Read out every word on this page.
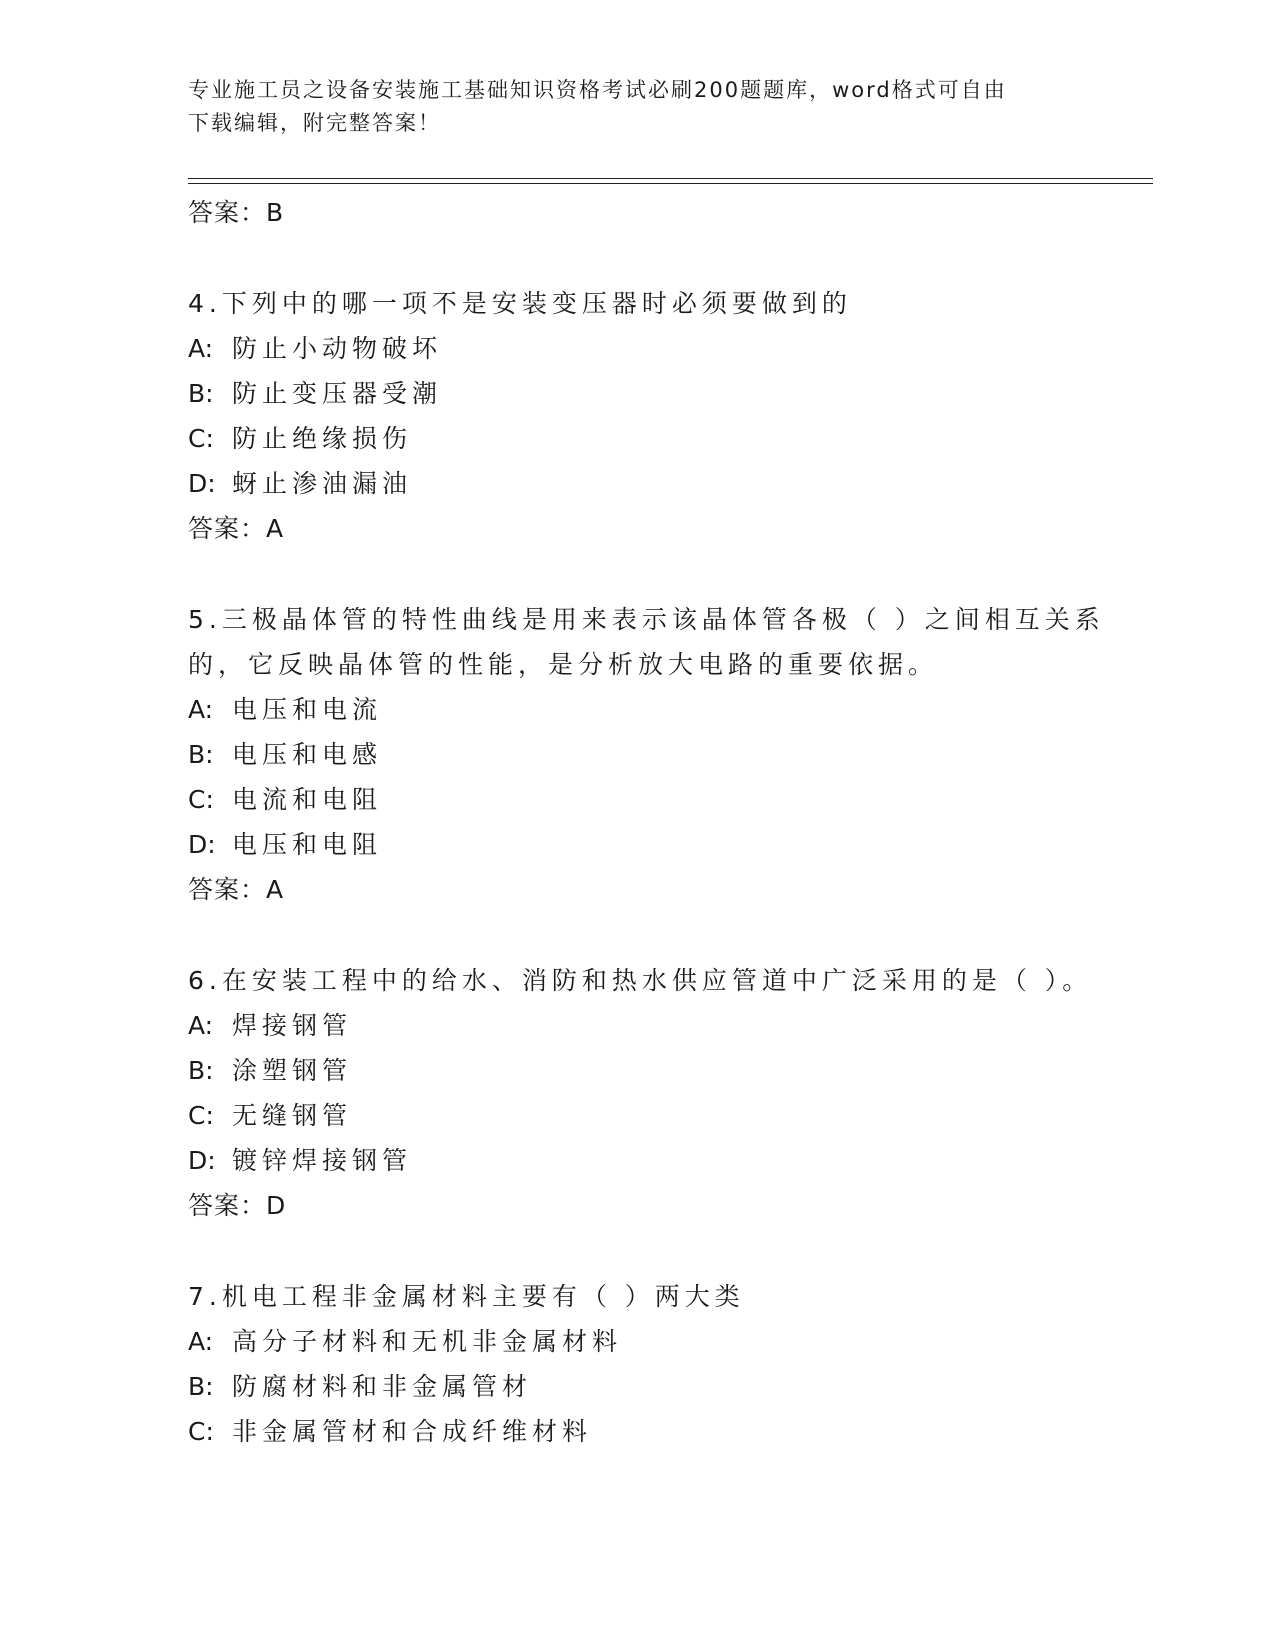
专业施工员之设备安装施工基础知识资格考试必刷200题题库，word格式可自由
下载编辑，附完整答案！
答案：B
4.下列中的哪一项不是安装变压器时必须要做到的
A: 防止小动物破坏
B: 防止变压器受潮
C: 防止绝缘损伤
D: 蚜止渗油漏油
答案：A
5.三极晶体管的特性曲线是用来表示该晶体管各极（ ）之间相互关系
的，它反映晶体管的性能，是分析放大电路的重要依据。
A: 电压和电流
B: 电压和电感
C: 电流和电阻
D: 电压和电阻
答案：A
6.在安装工程中的给水、消防和热水供应管道中广泛采用的是（ ）。
A: 焊接钢管
B: 涂塑钢管
C: 无缝钢管
D: 镀锌焊接钢管
答案：D
7.机电工程非金属材料主要有（ ）两大类
A: 高分子材料和无机非金属材料
B: 防腐材料和非金属管材
C: 非金属管材和合成纤维材料
